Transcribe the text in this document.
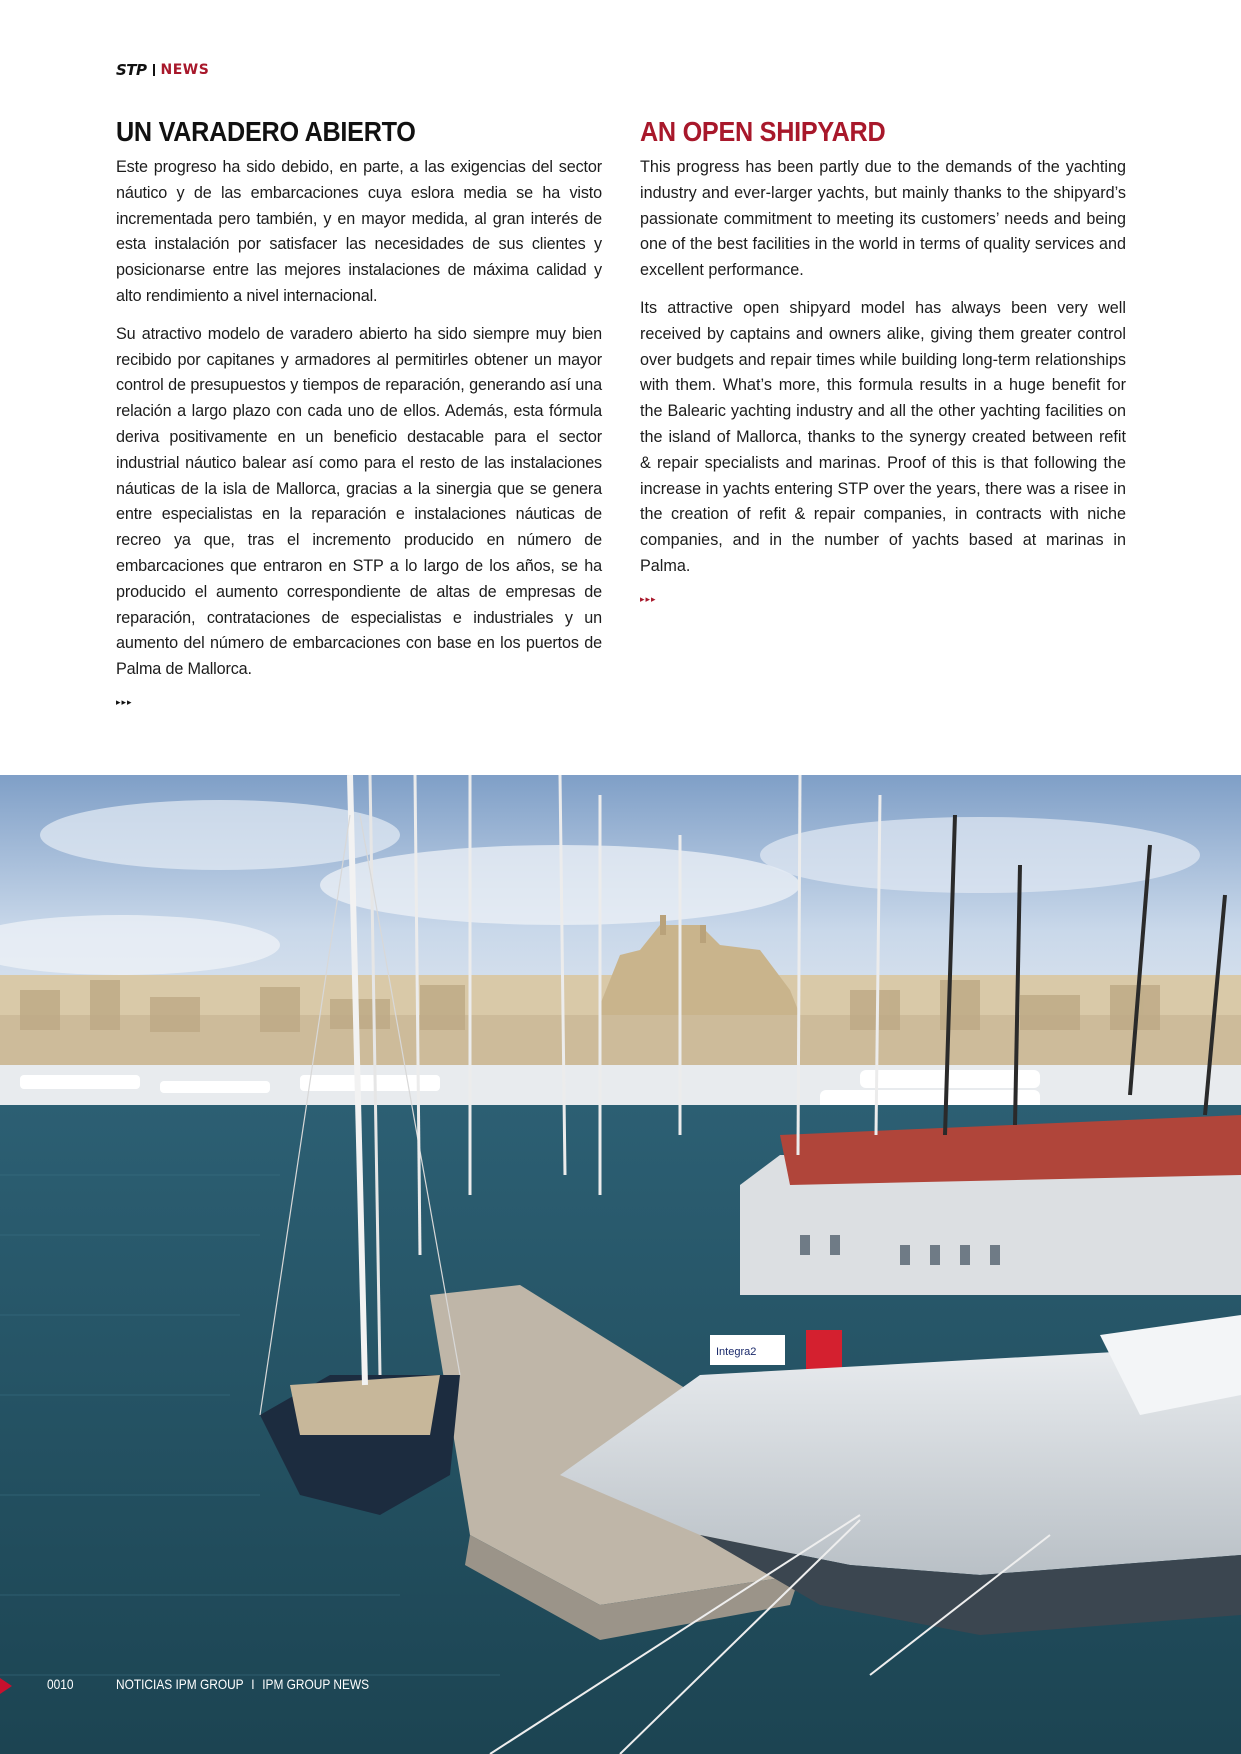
STP NEWS
UN VARADERO ABIERTO

Este progreso ha sido debido, en parte, a las exigencias del sector náutico y de las embarcaciones cuya eslora media se ha visto incrementada pero también, y en mayor medida, al gran interés de esta instalación por satisfacer las necesidades de sus clientes y posicionarse entre las mejores instalaciones de máxima calidad y alto rendimiento a nivel internacional.

Su atractivo modelo de varadero abierto ha sido siempre muy bien recibido por capitanes y armadores al permitirles obtener un mayor control de presupuestos y tiempos de reparación, generando así una relación a largo plazo con cada uno de ellos. Además, esta fórmula deriva positivamente en un beneficio destacable para el sector industrial náutico balear así como para el resto de las instalaciones náuticas de la isla de Mallorca, gracias a la sinergia que se genera entre especialistas en la reparación e instalaciones náuticas de recreo ya que, tras el incremento producido en número de embarcaciones que entraron en STP a lo largo de los años, se ha producido el aumento correspondiente de altas de empresas de reparación, contrataciones de especialistas e industriales y un aumento del número de embarcaciones con base en los puertos de Palma de Mallorca.

▸▸▸
AN OPEN SHIPYARD

This progress has been partly due to the demands of the yachting industry and ever-larger yachts, but mainly thanks to the shipyard’s passionate commitment to meeting its customers’ needs and being one of the best facilities in the world in terms of quality services and excellent performance.

Its attractive open shipyard model has always been very well received by captains and owners alike, giving them greater control over budgets and repair times while building long-term relationships with them. What’s more, this formula results in a huge benefit for the Balearic yachting industry and all the other yachting facilities on the island of Mallorca, thanks to the synergy created between refit & repair specialists and marinas. Proof of this is that following the increase in yachts entering STP over the years, there was a risee in the creation of refit & repair companies, in contracts with niche companies, and in the number of yachts based at marinas in Palma.

▸▸▸
Integra2
0010	NOTICIAS IPM GROUP I IPM GROUP NEWS
